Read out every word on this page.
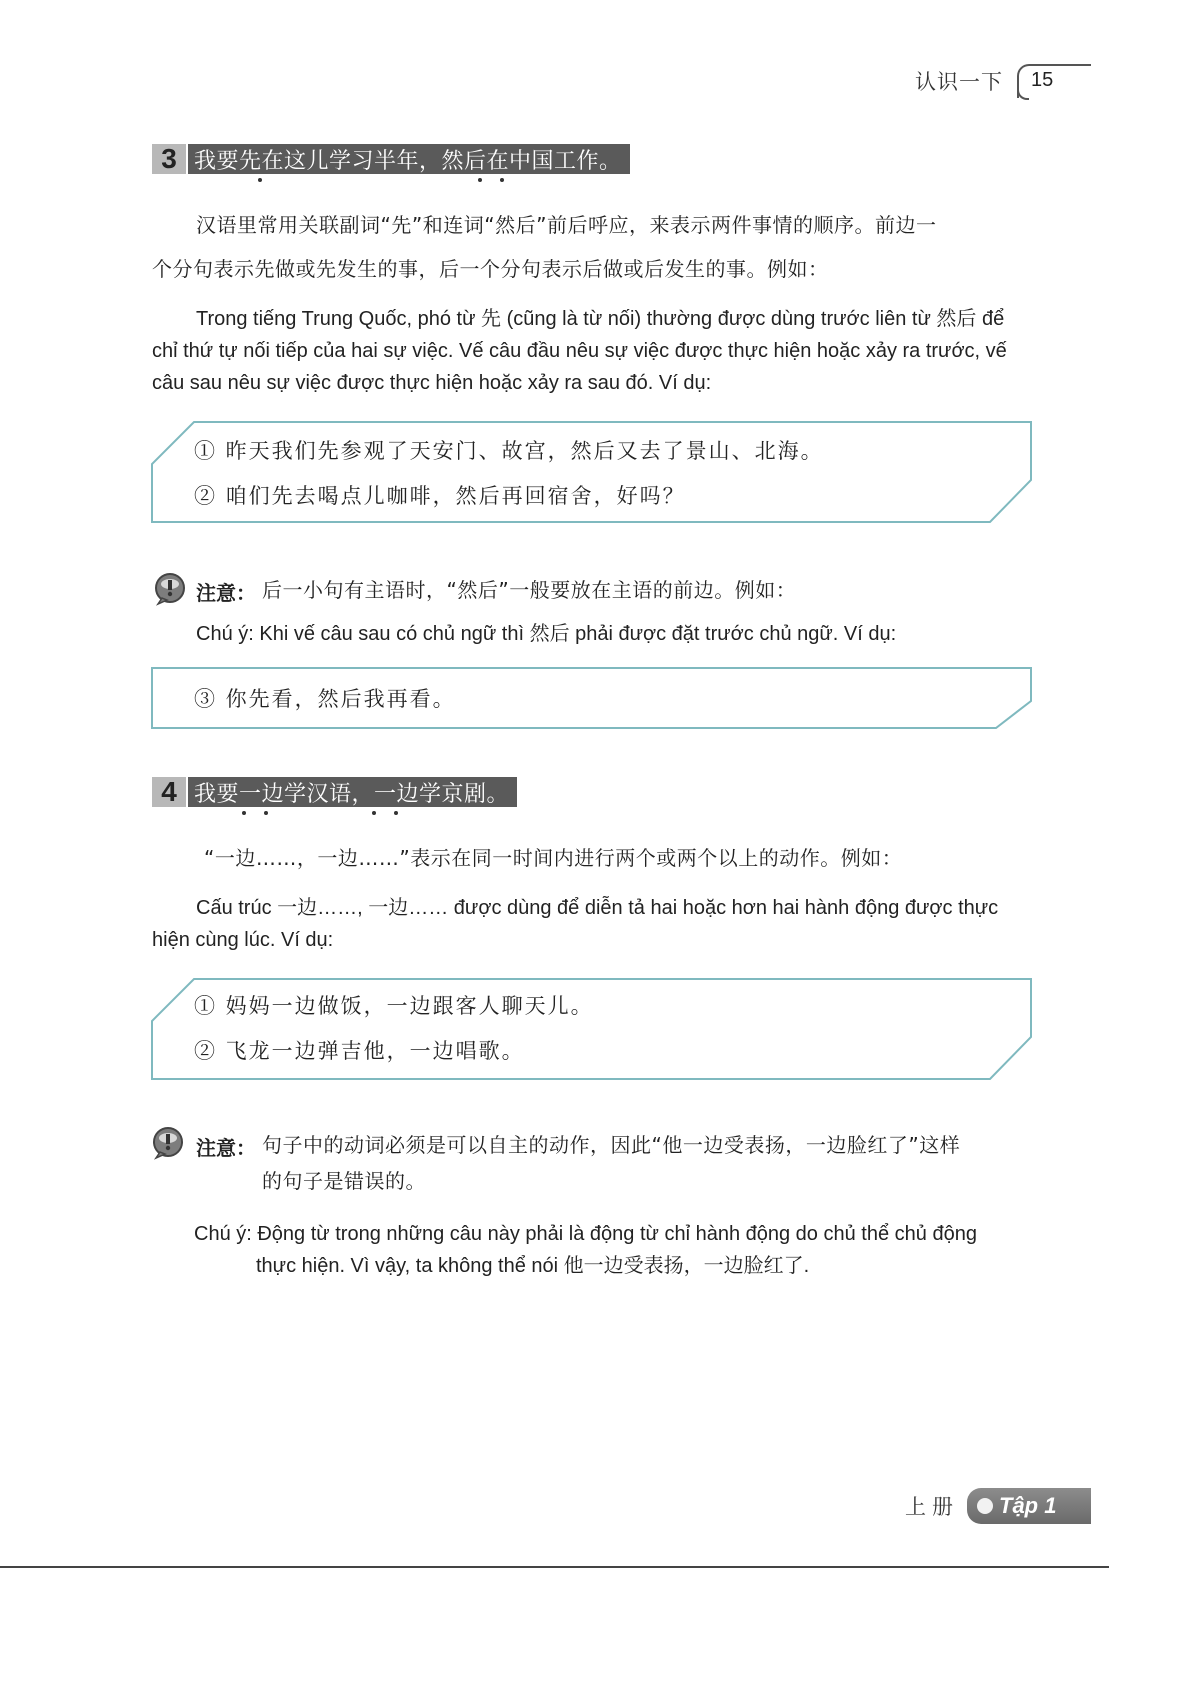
认识一下 15
3 我要先在这儿学习半年，然后在中国工作。
汉语里常用关联副词“先”和连词“然后”前后呼应，来表示两件事情的顺序。前边一
个分句表示先做或先发生的事，后一个分句表示后做或后发生的事。例如：
Trong tiếng Trung Quốc, phó từ 先 (cũng là từ nối) thường được dùng trước liên từ 然后 để
chỉ thứ tự nối tiếp của hai sự việc. Vế câu đầu nêu sự việc được thực hiện hoặc xảy ra trước, vế
câu sau nêu sự việc được thực hiện hoặc xảy ra sau đó. Ví dụ:
① 昨天我们先参观了天安门、故宫，然后又去了景山、北海。
② 咱们先去喝点儿咖啡，然后再回宿舍，好吗？
注意： 后一小句有主语时，“然后”一般要放在主语的前边。例如：
Chú ý: Khi vế câu sau có chủ ngữ thì 然后 phải được đặt trước chủ ngữ. Ví dụ:
③ 你先看，然后我再看。
4 我要一边学汉语，一边学京剧。
“一边……，一边……”表示在同一时间内进行两个或两个以上的动作。例如：
Cấu trúc 一边……, 一边…… được dùng để diễn tả hai hoặc hơn hai hành động được thực
hiện cùng lúc. Ví dụ:
① 妈妈一边做饭，一边跟客人聊天儿。
② 飞龙一边弹吉他，一边唱歌。
注意： 句子中的动词必须是可以自主的动作，因此“他一边受表扬，一边脸红了”这样
的句子是错误的。
Chú ý: Động từ trong những câu này phải là động từ chỉ hành động do chủ thể chủ động
thực hiện. Vì vậy, ta không thể nói 他一边受表扬，一边脸红了.
上册 Tập 1
